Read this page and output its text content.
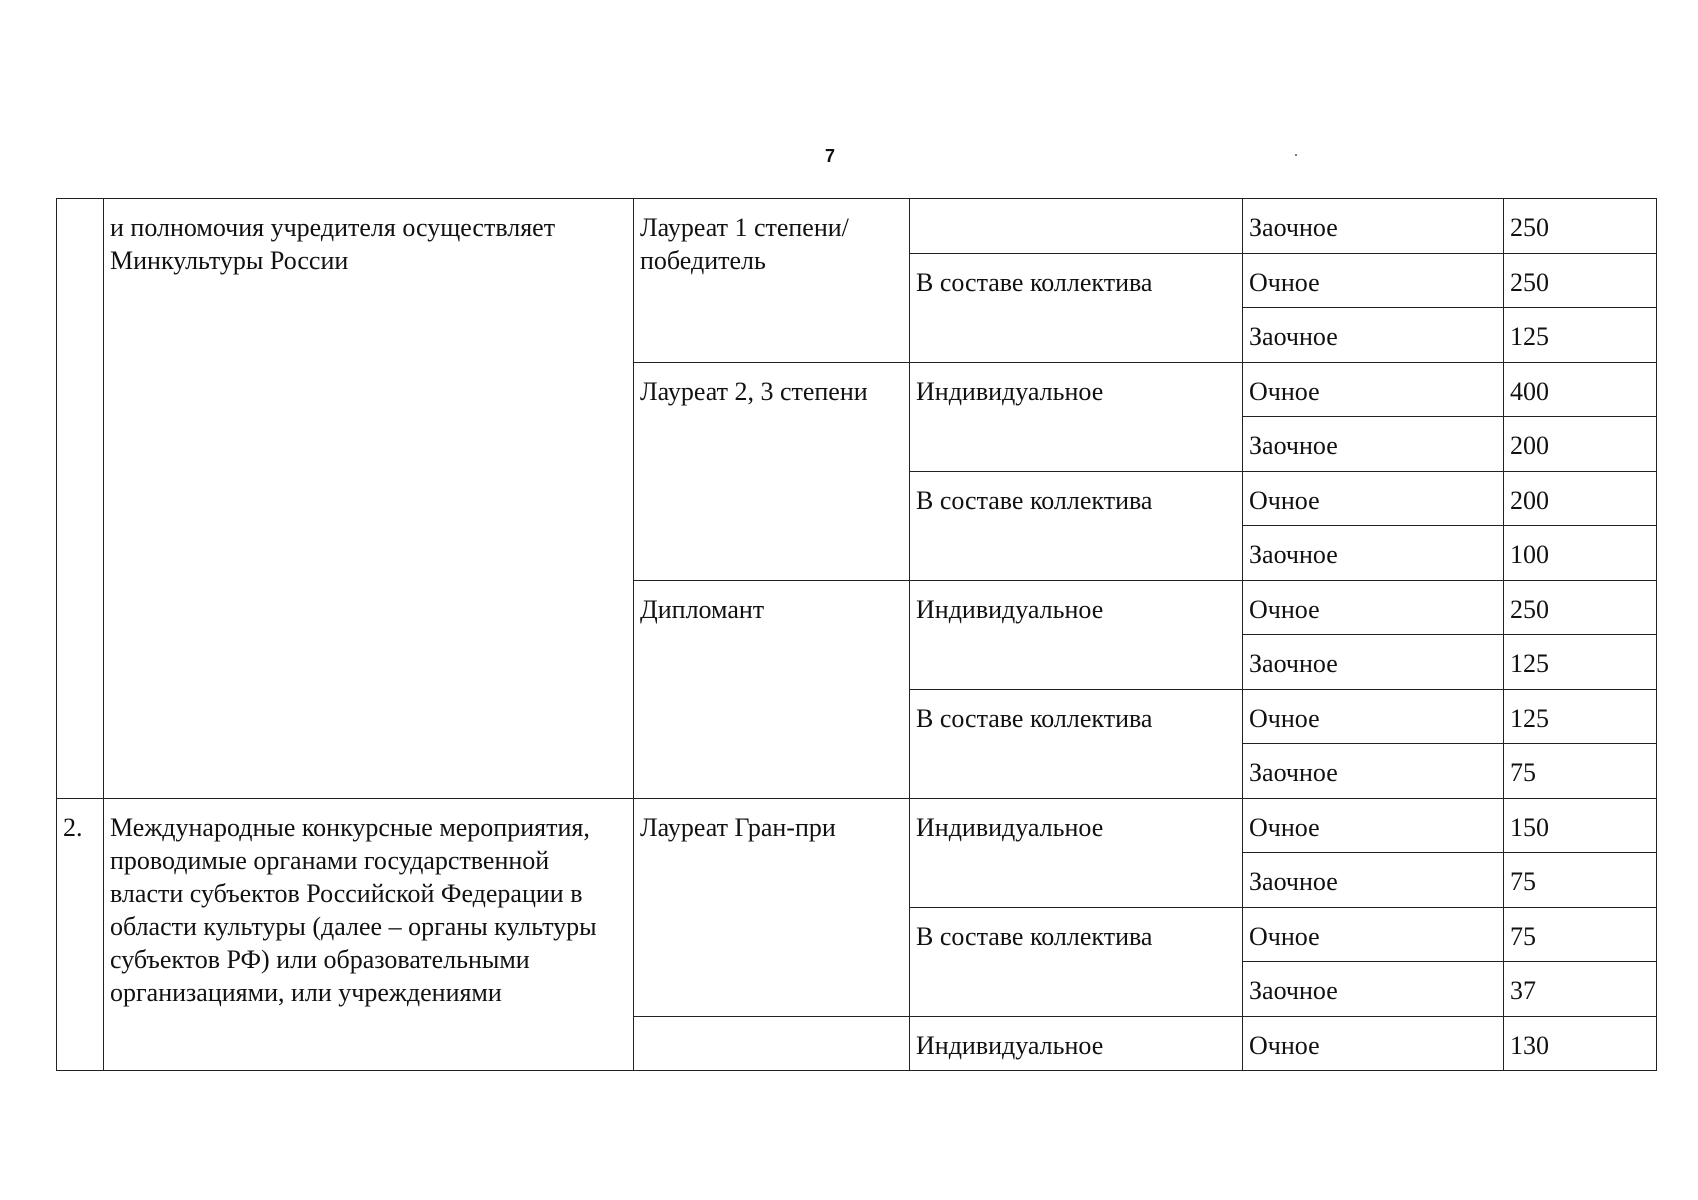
7
	и полномочия учредителя осуществляет Минкультуры России	Лауреат 1 степени/победитель		Заочное	250
			В составе коллектива	Очное	250
				Заочное	125
		Лауреат 2, 3 степени	Индивидуальное	Очное	400
				Заочное	200
			В составе коллектива	Очное	200
				Заочное	100
		Дипломант	Индивидуальное	Очное	250
				Заочное	125
			В составе коллектива	Очное	125
				Заочное	75
2.	Международные конкурсные мероприятия, проводимые органами государственной власти субъектов Российской Федерации в области культуры (далее – органы культуры субъектов РФ) или образовательными организациями, или учреждениями	Лауреат Гран-при	Индивидуальное	Очное	150
				Заочное	75
			В составе коллектива	Очное	75
				Заочное	37
			Индивидуальное	Очное	130
